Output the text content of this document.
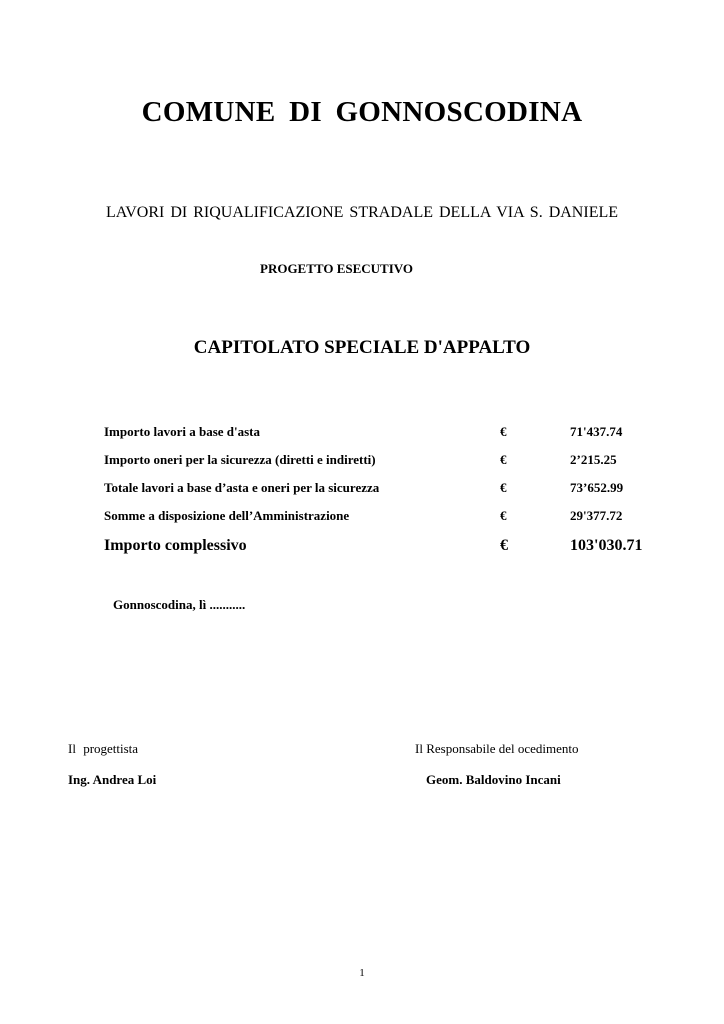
COMUNE DI GONNOSCODINA
LAVORI DI RIQUALIFICAZIONE STRADALE DELLA VIA S. DANIELE
PROGETTO ESECUTIVO
CAPITOLATO SPECIALE D'APPALTO
Importo lavori a base d'asta	€	71'437.74
Importo oneri per la sicurezza (diretti e indiretti)	€	2’215.25
Totale lavori a base d’asta e oneri per la sicurezza	€	73’652.99
Somme a disposizione dell’Amministrazione	€	29'377.72
Importo complessivo	€	103'030.71
Gonnoscodina, lì ...........
Il progettista
Ing. Andrea Loi
Il Responsabile del ocedimento
Geom. Baldovino Incani
1
